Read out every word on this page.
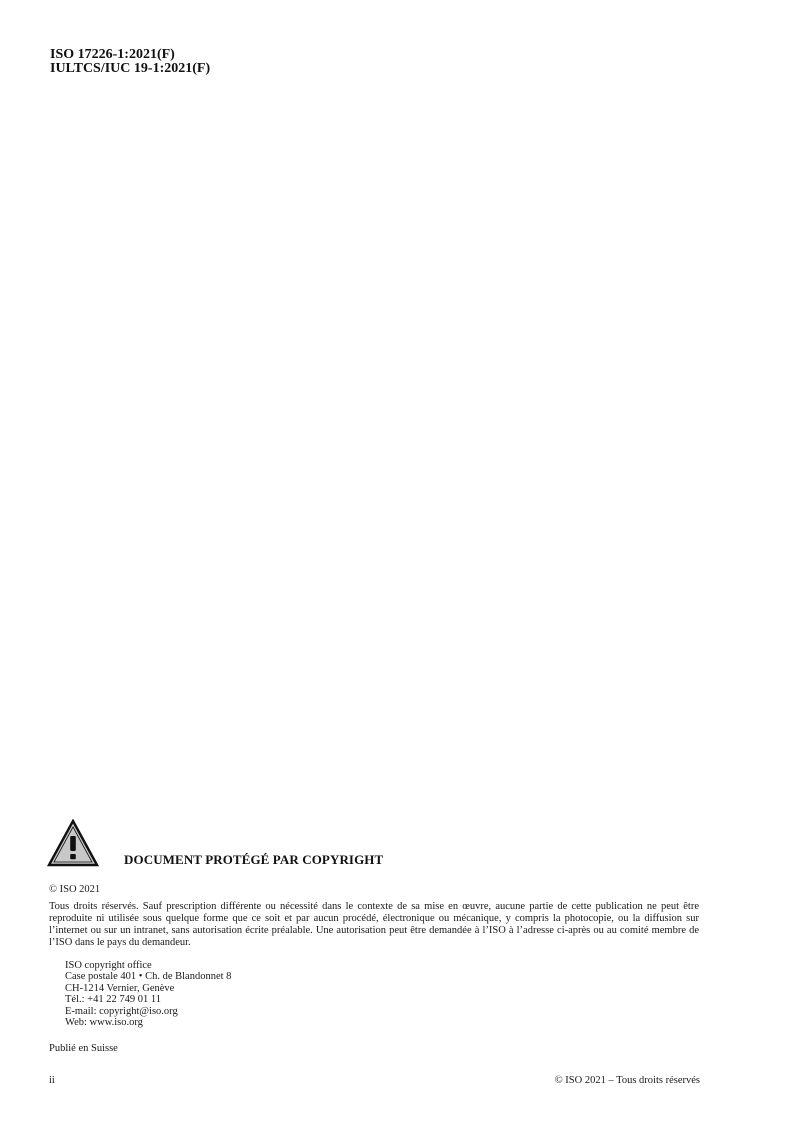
ISO 17226-1:2021(F)
IULTCS/IUC 19-1:2021(F)
DOCUMENT PROTÉGÉ PAR COPYRIGHT
© ISO 2021
Tous droits réservés. Sauf prescription différente ou nécessité dans le contexte de sa mise en œuvre, aucune partie de cette publication ne peut être reproduite ni utilisée sous quelque forme que ce soit et par aucun procédé, électronique ou mécanique, y compris la photocopie, ou la diffusion sur l’internet ou sur un intranet, sans autorisation écrite préalable. Une autorisation peut être demandée à l’ISO à l’adresse ci-après ou au comité membre de l’ISO dans le pays du demandeur.
ISO copyright office
Case postale 401 • Ch. de Blandonnet 8
CH-1214 Vernier, Genève
Tél.: +41 22 749 01 11
E-mail: copyright@iso.org
Web: www.iso.org
Publié en Suisse
ii	© ISO 2021 – Tous droits réservés
